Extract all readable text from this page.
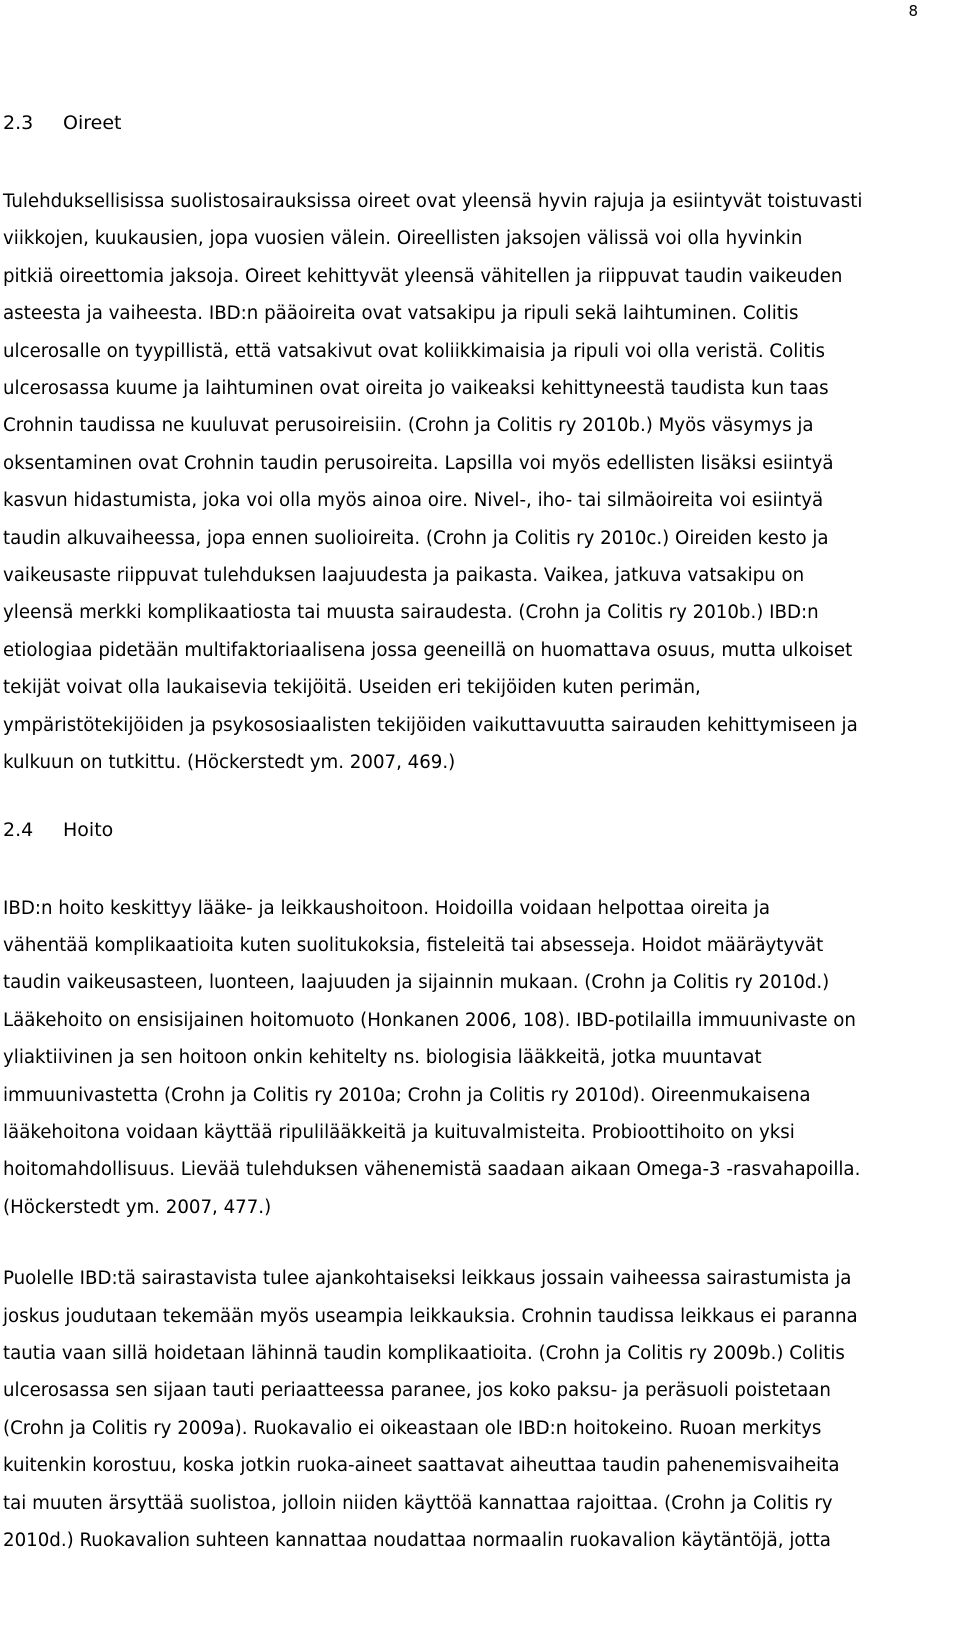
8
2.3 Oireet

Tulehduksellisissa suolistosairauksissa oireet ovat yleensä hyvin rajuja ja esiintyvät toistuvasti
viikkojen, kuukausien, jopa vuosien välein. Oireellisten jaksojen välissä voi olla hyvinkin
pitkiä oireettomia jaksoja. Oireet kehittyvät yleensä vähitellen ja riippuvat taudin vaikeuden
asteesta ja vaiheesta. IBD:n pääoireita ovat vatsakipu ja ripuli sekä laihtuminen. Colitis
ulcerosalle on tyypillistä, että vatsakivut ovat koliikkimaisia ja ripuli voi olla veristä. Colitis
ulcerosassa kuume ja laihtuminen ovat oireita jo vaikeaksi kehittyneestä taudista kun taas
Crohnin taudissa ne kuuluvat perusoireisiin. (Crohn ja Colitis ry 2010b.) Myös väsymys ja
oksentaminen ovat Crohnin taudin perusoireita. Lapsilla voi myös edellisten lisäksi esiintyä
kasvun hidastumista, joka voi olla myös ainoa oire. Nivel-, iho- tai silmäoireita voi esiintyä
taudin alkuvaiheessa, jopa ennen suolioireita. (Crohn ja Colitis ry 2010c.) Oireiden kesto ja
vaikeusaste riippuvat tulehduksen laajuudesta ja paikasta. Vaikea, jatkuva vatsakipu on
yleensä merkki komplikaatiosta tai muusta sairaudesta. (Crohn ja Colitis ry 2010b.) IBD:n
etiologiaa pidetään multifaktoriaalisena jossa geeneillä on huomattava osuus, mutta ulkoiset
tekijät voivat olla laukaisevia tekijöitä. Useiden eri tekijöiden kuten perimän,
ympäristötekijöiden ja psykososiaalisten tekijöiden vaikuttavuutta sairauden kehittymiseen ja
kulkuun on tutkittu. (Höckerstedt ym. 2007, 469.)

2.4 Hoito

IBD:n hoito keskittyy lääke- ja leikkaushoitoon. Hoidoilla voidaan helpottaa oireita ja
vähentää komplikaatioita kuten suolitukoksia, fisteleitä tai absesseja. Hoidot määräytyvät
taudin vaikeusasteen, luonteen, laajuuden ja sijainnin mukaan. (Crohn ja Colitis ry 2010d.)
Lääkehoito on ensisijainen hoitomuoto (Honkanen 2006, 108). IBD-potilailla immuunivaste on
yliaktiivinen ja sen hoitoon onkin kehitelty ns. biologisia lääkkeitä, jotka muuntavat
immuunivastetta (Crohn ja Colitis ry 2010a; Crohn ja Colitis ry 2010d). Oireenmukaisena
lääkehoitona voidaan käyttää ripulilääkkeitä ja kuituvalmisteita. Probioottihoito on yksi
hoitomahdollisuus. Lievää tulehduksen vähenemistä saadaan aikaan Omega-3 -rasvahapoilla.
(Höckerstedt ym. 2007, 477.)

Puolelle IBD:tä sairastavista tulee ajankohtaiseksi leikkaus jossain vaiheessa sairastumista ja
joskus joudutaan tekemään myös useampia leikkauksia. Crohnin taudissa leikkaus ei paranna
tautia vaan sillä hoidetaan lähinnä taudin komplikaatioita. (Crohn ja Colitis ry 2009b.) Colitis
ulcerosassa sen sijaan tauti periaatteessa paranee, jos koko paksu- ja peräsuoli poistetaan
(Crohn ja Colitis ry 2009a). Ruokavalio ei oikeastaan ole IBD:n hoitokeino. Ruoan merkitys
kuitenkin korostuu, koska jotkin ruoka-aineet saattavat aiheuttaa taudin pahenemisvaiheita
tai muuten ärsyttää suolistoa, jolloin niiden käyttöä kannattaa rajoittaa. (Crohn ja Colitis ry
2010d.) Ruokavalion suhteen kannattaa noudattaa normaalin ruokavalion käytäntöjä, jotta
